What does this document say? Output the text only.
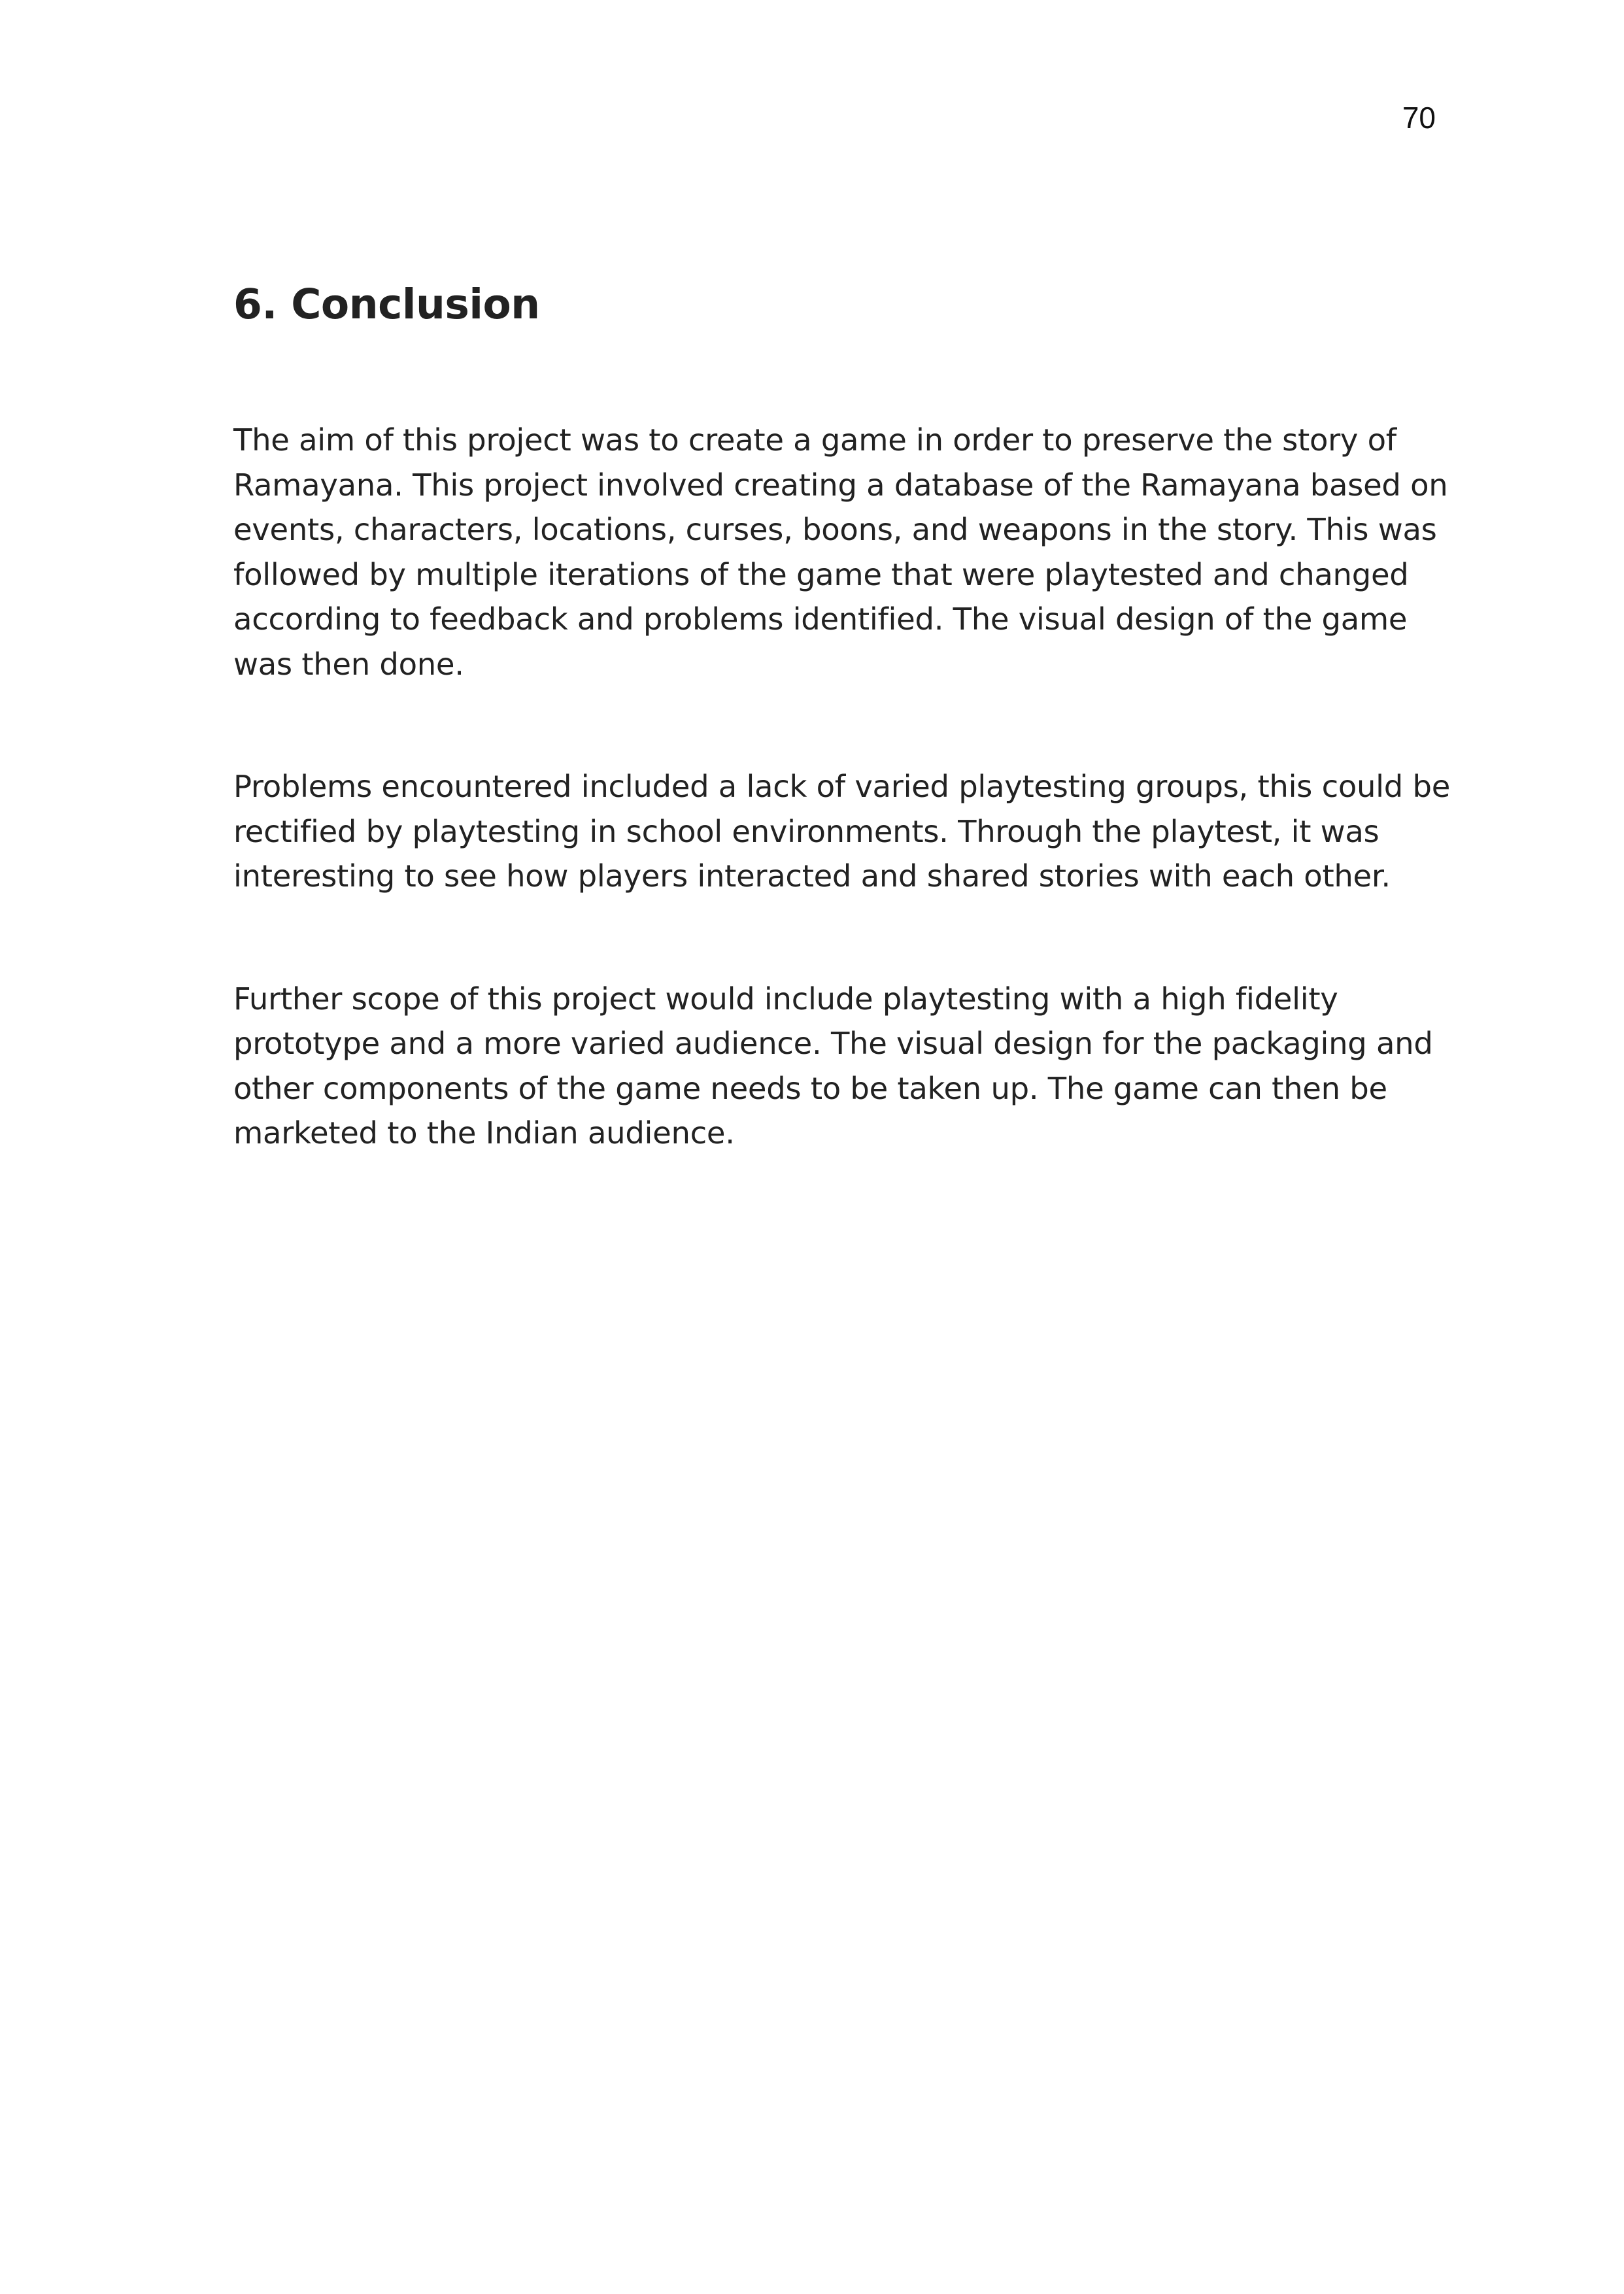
70
6. Conclusion

The aim of this project was to create a game in order to preserve the story of
Ramayana. This project involved creating a database of the Ramayana based on
events, characters, locations, curses, boons, and weapons in the story. This was
followed by multiple iterations of the game that were playtested and changed
according to feedback and problems identified. The visual design of the game
was then done.

Problems encountered included a lack of varied playtesting groups, this could be
rectified by playtesting in school environments. Through the playtest, it was
interesting to see how players interacted and shared stories with each other.

Further scope of this project would include playtesting with a high fidelity
prototype and a more varied audience. The visual design for the packaging and
other components of the game needs to be taken up. The game can then be
marketed to the Indian audience.
